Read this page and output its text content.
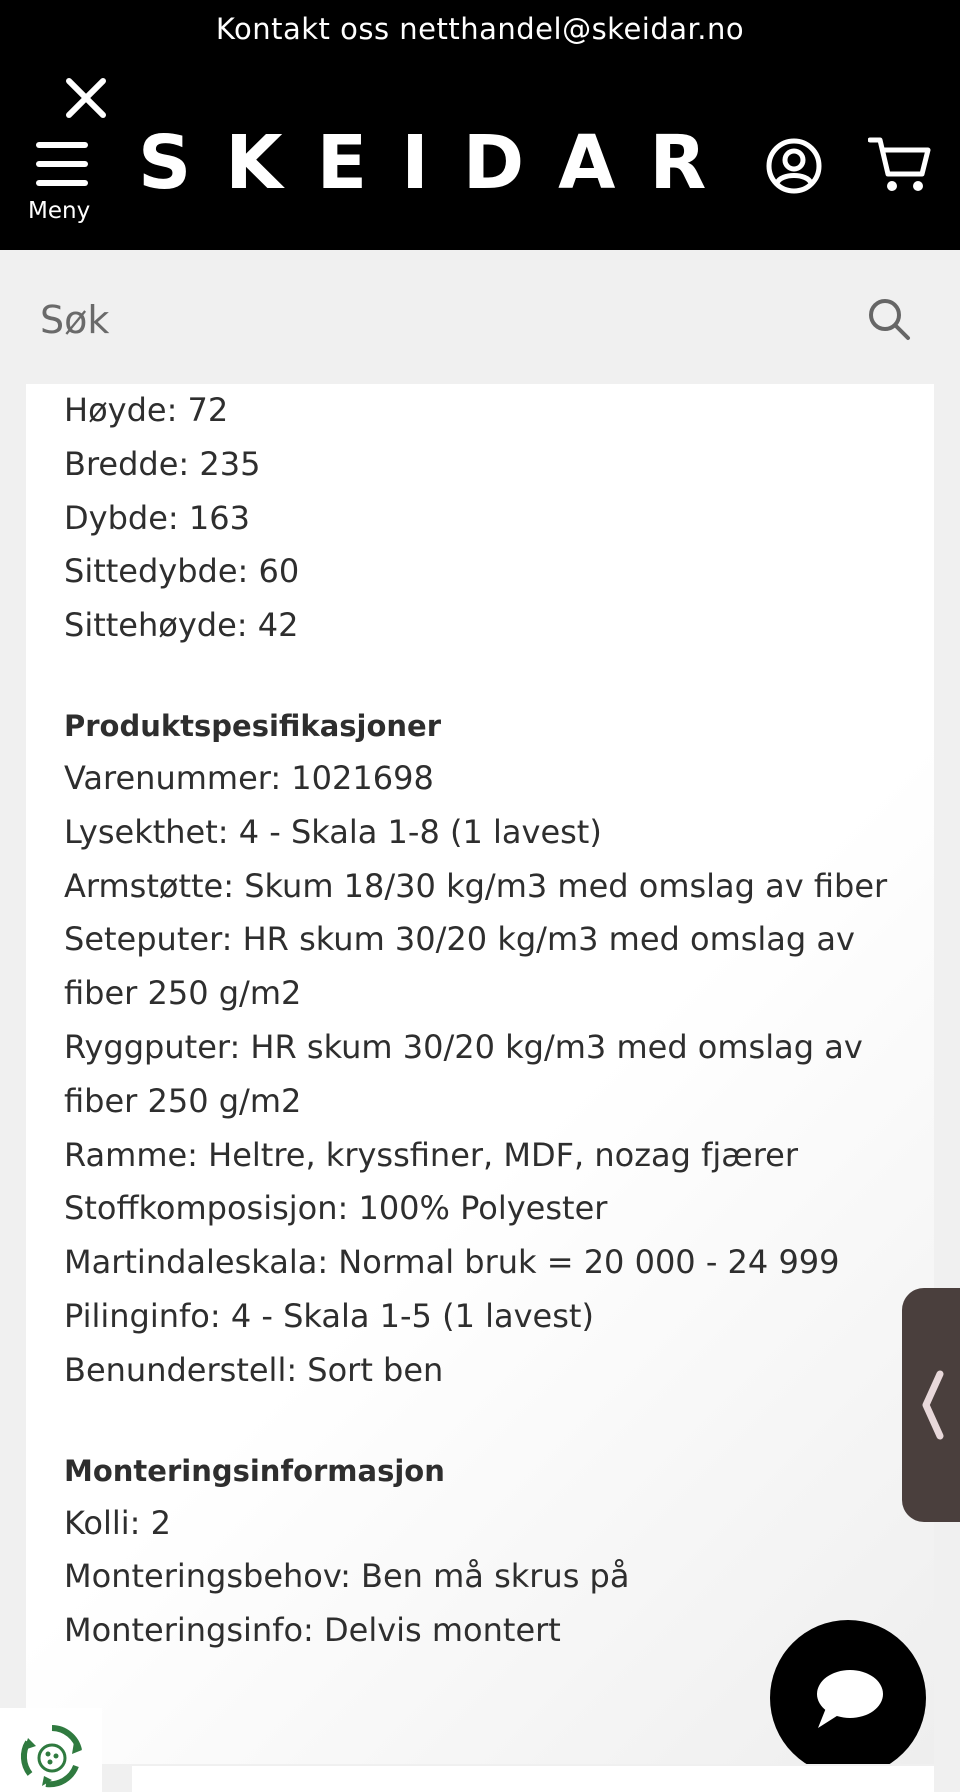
Kontakt oss netthandel@skeidar.no
Meny
SKEIDAR
Søk
Høyde: 72
Bredde: 235
Dybde: 163
Sittedybde: 60
Sittehøyde: 42
Produktspesifikasjoner
Varenummer: 1021698
Lysekthet: 4 - Skala 1-8 (1 lavest)
Armstøtte: Skum 18/30 kg/m3 med omslag av fiber
Seteputer: HR skum 30/20 kg/m3 med omslag av fiber 250 g/m2
Ryggputer: HR skum 30/20 kg/m3 med omslag av fiber 250 g/m2
Ramme: Heltre, kryssfiner, MDF, nozag fjærer
Stoffkomposisjon: 100% Polyester
Martindaleskala: Normal bruk = 20 000 - 24 999
Pilinginfo: 4 - Skala 1-5 (1 lavest)
Benunderstell: Sort ben
Monteringsinformasjon
Kolli: 2
Monteringsbehov: Ben må skrus på
Monteringsinfo: Delvis montert
